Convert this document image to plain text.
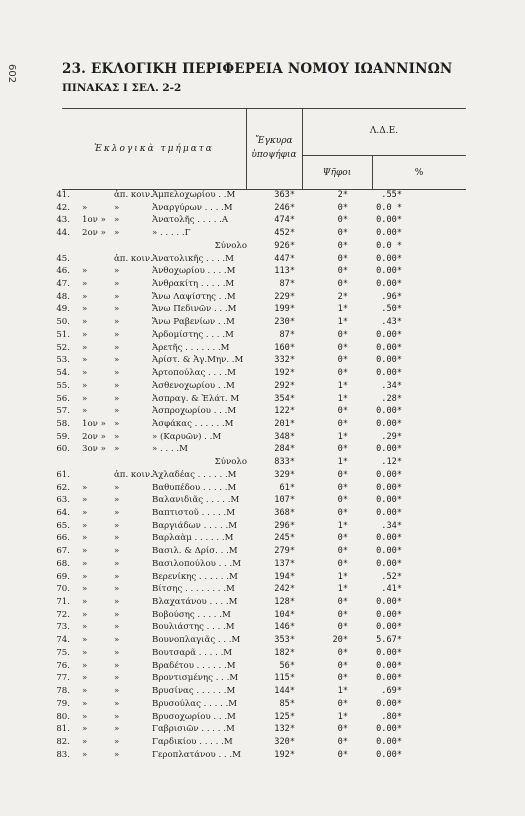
602	23. ΕΚΛΟΓΙΚΗ ΠΕΡΙΦΕΡΕΙΑ ΝΟΜΟΥ ΙΩΑΝΝΙΝΩΝ
ΠΙΝΑΚΑΣ I ΣΕΛ. 2-2
Ἐκλογικὰ τμήματα
Ἔγκυρα
ὑποψήφια
Λ.Δ.Ε.
Ψῆφοι	%
41.	ἀπ. κοιν. Ἀμπελοχωρίου . .Μ	363*	2*	.55*
42. »	»	Ἀναργύρων . . . .Μ	246*	0*	0.0 *
43. 1ον » »	Ἀνατολῆς . . . . .Α	474*	0*	0.00*
44. 2ον » »	» . . . . .Γ	452*	0*	0.00*
Σύνολο	926*	0*	0.0 *
45.	ἀπ. κοιν. Ἀνατολικῆς . . . .Μ	447*	0*	0.00*
46. »	»	Ἀνθοχωρίου . . . .Μ	113*	0*	0.00*
47. »	»	Ἀνθρακίτη . . . . .Μ	87*	0*	0.00*
48. »	»	Ἄνω Λαψίστης . .Μ	229*	2*	.96*
49. »	»	Ἄνω Πεδινῶν . . .Μ	199*	1*	.50*
50. »	»	Ἄνω Ραβενίων . .Μ	230*	1*	.43*
51. »	»	Ἀρδομίστης . . . .Μ	87*	0*	0.00*
52. »	»	Ἀρετῆς . . . . . . .Μ	160*	0*	0.00*
53. »	»	Ἀρίστ. & Ἀγ.Μην. .Μ	332*	0*	0.00*
54. »	»	Ἀρτοπούλας . . . .Μ	192*	0*	0.00*
55. »	»	Ἀσθενοχωρίου . .Μ	292*	1*	.34*
56. »	»	Ἀσπραγ. & Ἐλάτ. Μ	354*	1*	.28*
57. »	»	Ἀσπροχωρίου . . .Μ	122*	0*	0.00*
58. 1ον » »	Ἀσφάκας . . . . . .Μ	201*	0*	0.00*
59. 2ον » »	» (Καρυῶν) . .Μ	348*	1*	.29*
60. 3ον » »	» . . . .Μ	284*	0*	0.00*
Σύνολο	833*	1*	.12*
61.	ἀπ. κοιν. Ἀχλαδέας . . . . . .Μ	329*	0*	0.00*
62. »	»	Βαθυπέδου . . . . .Μ	61*	0*	0.00*
63. »	»	Βαλανιδιᾶς . . . . .Μ	107*	0*	0.00*
64. »	»	Βαπτιστοῦ . . . . .Μ	368*	0*	0.00*
65. »	»	Βαργιάδων . . . . .Μ	296*	1*	.34*
66. »	»	Βαρλαὰμ . . . . . .Μ	245*	0*	0.00*
67. »	»	Βασιλ. & Δρίσ. . .Μ	279*	0*	0.00*
68. »	»	Βασιλοπούλου . . .Μ	137*	0*	0.00*
69. »	»	Βερενίκης . . . . . .Μ	194*	1*	.52*
70. »	»	Βίτσης . . . . . . . .Μ	242*	1*	.41*
71. »	»	Βλαχατάνου . . . .Μ	128*	0*	0.00*
72. »	»	Βοβούσης . . . . .Μ	104*	0*	0.00*
73. »	»	Βουλιάστης . . . .Μ	146*	0*	0.00*
74. »	»	Βουνοπλαγιᾶς . . .Μ	353*	20*	5.67*
75. »	»	Βουτσαρᾶ . . . . .Μ	182*	0*	0.00*
76. »	»	Βραδέτου . . . . . .Μ	56*	0*	0.00*
77. »	»	Βροντισμένης . . .Μ	115*	0*	0.00*
78. »	»	Βρυσίνας . . . . . .Μ	144*	1*	.69*
79. »	»	Βρυσούλας . . . . .Μ	85*	0*	0.00*
80. »	»	Βρυσοχωρίου . . .Μ	125*	1*	.80*
81. »	»	Γαβρισιῶν . . . . .Μ	132*	0*	0.00*
82. »	»	Γαρδικίου . . . . .Μ	320*	0*	0.00*
83. »	»	Γεροπλατάνου . . .Μ	192*	0*	0.00*
